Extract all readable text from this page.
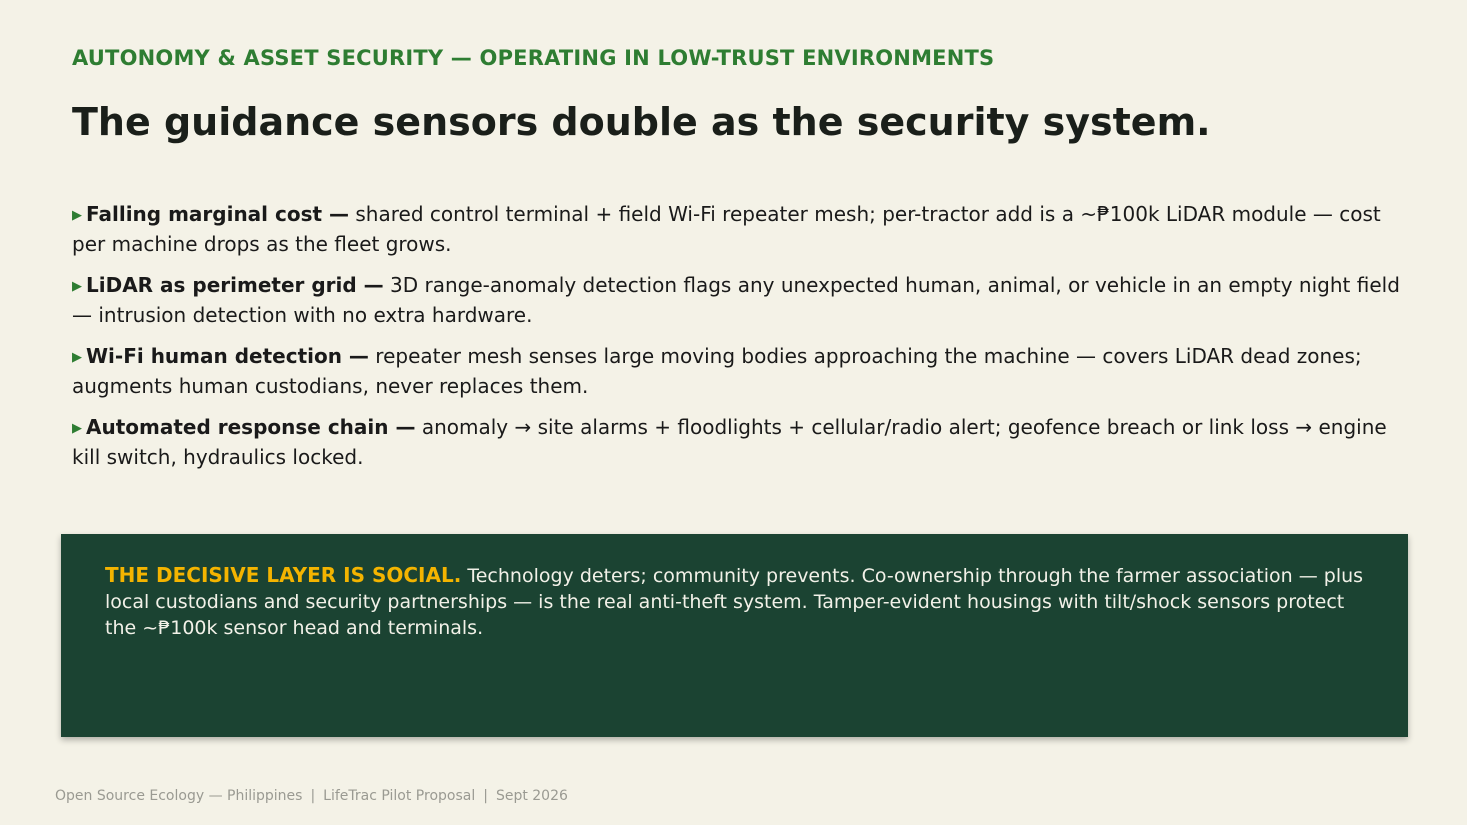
AUTONOMY & ASSET SECURITY — OPERATING IN LOW-TRUST ENVIRONMENTS
The guidance sensors double as the security system.
▶ Falling marginal cost — shared control terminal + field Wi-Fi repeater mesh; per-tractor add is a ~₱100k LiDAR module — cost per machine drops as the fleet grows.
▶ LiDAR as perimeter grid — 3D range-anomaly detection flags any unexpected human, animal, or vehicle in an empty night field — intrusion detection with no extra hardware.
▶ Wi-Fi human detection — repeater mesh senses large moving bodies approaching the machine — covers LiDAR dead zones; augments human custodians, never replaces them.
▶ Automated response chain — anomaly → site alarms + floodlights + cellular/radio alert; geofence breach or link loss → engine kill switch, hydraulics locked.
THE DECISIVE LAYER IS SOCIAL. Technology deters; community prevents. Co-ownership through the farmer association — plus local custodians and security partnerships — is the real anti-theft system. Tamper-evident housings with tilt/shock sensors protect the ~₱100k sensor head and terminals.
Open Source Ecology — Philippines | LifeTrac Pilot Proposal | Sept 2026
